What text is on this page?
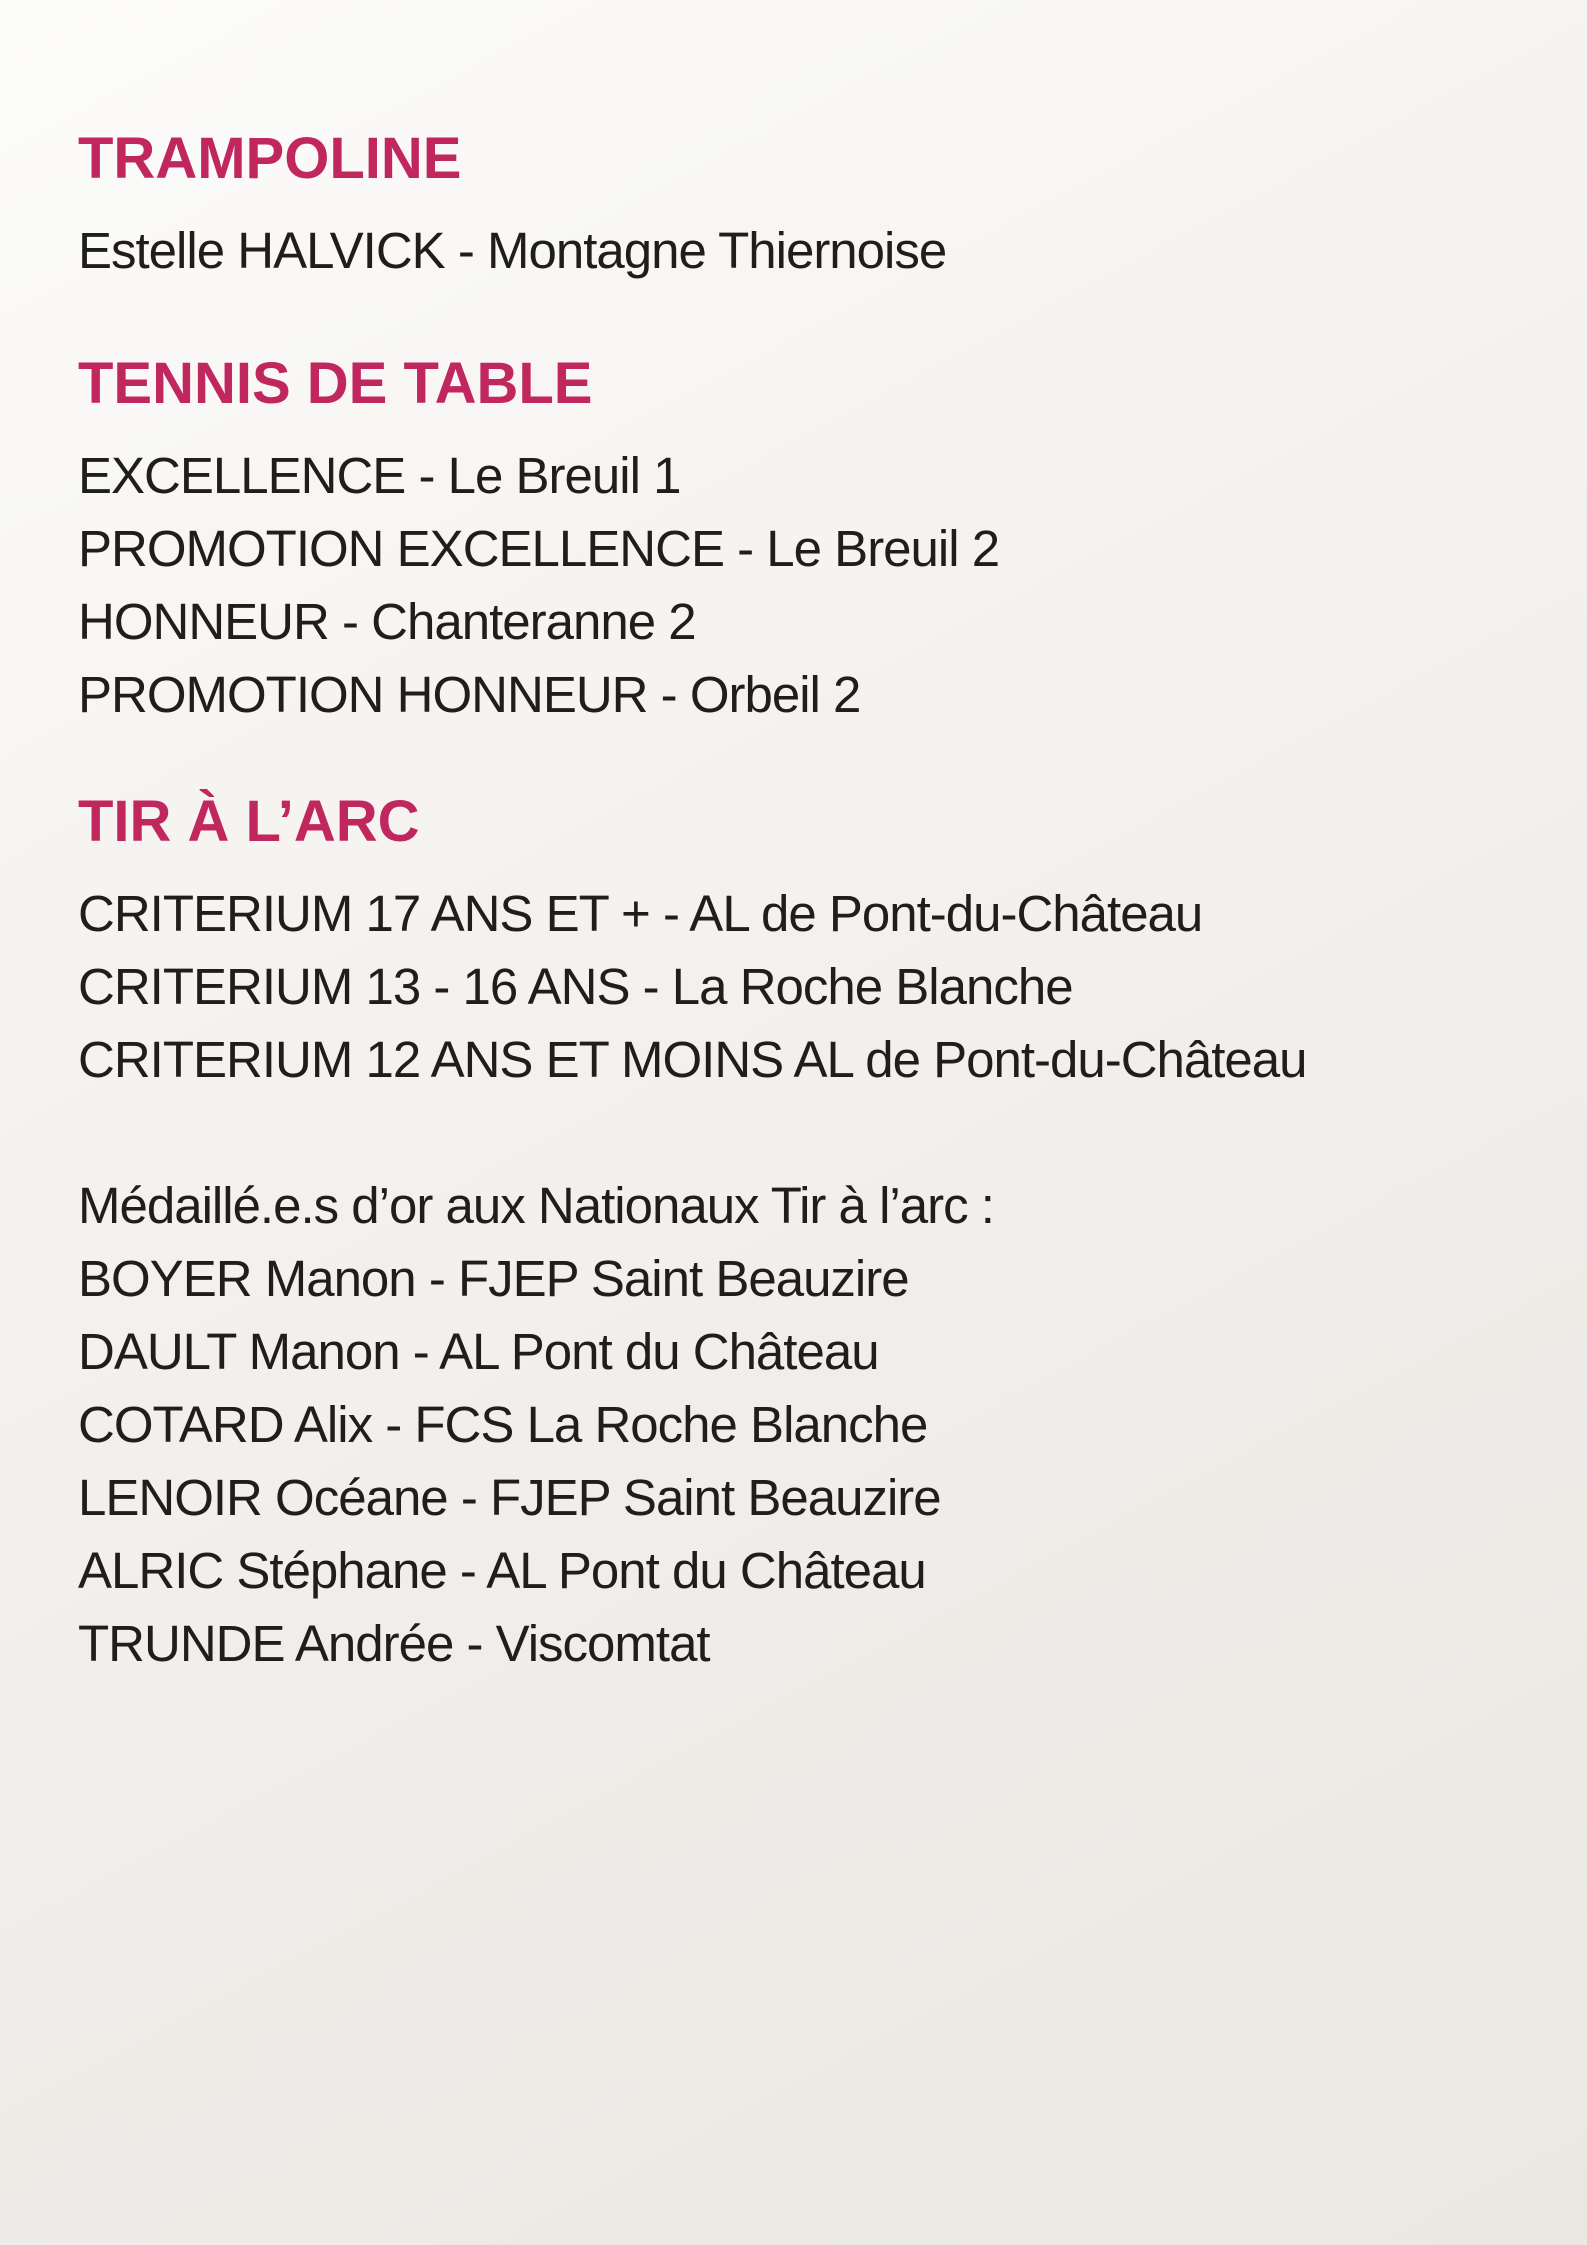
TRAMPOLINE

Estelle HALVICK - Montagne Thiernoise

TENNIS DE TABLE

EXCELLENCE - Le Breuil 1

PROMOTION EXCELLENCE - Le Breuil 2

HONNEUR - Chanteranne 2

PROMOTION HONNEUR - Orbeil 2

TIR À L’ARC

CRITERIUM 17 ANS ET + - AL de Pont-du-Château

CRITERIUM 13 - 16 ANS - La Roche Blanche

CRITERIUM 12 ANS ET MOINS AL de Pont-du-Château

Médaillé.e.s d’or aux Nationaux Tir à l’arc :

BOYER Manon - FJEP Saint Beauzire

DAULT Manon - AL Pont du Château

COTARD Alix - FCS La Roche Blanche

LENOIR Océane - FJEP Saint Beauzire

ALRIC Stéphane - AL Pont du Château

TRUNDE Andrée - Viscomtat
